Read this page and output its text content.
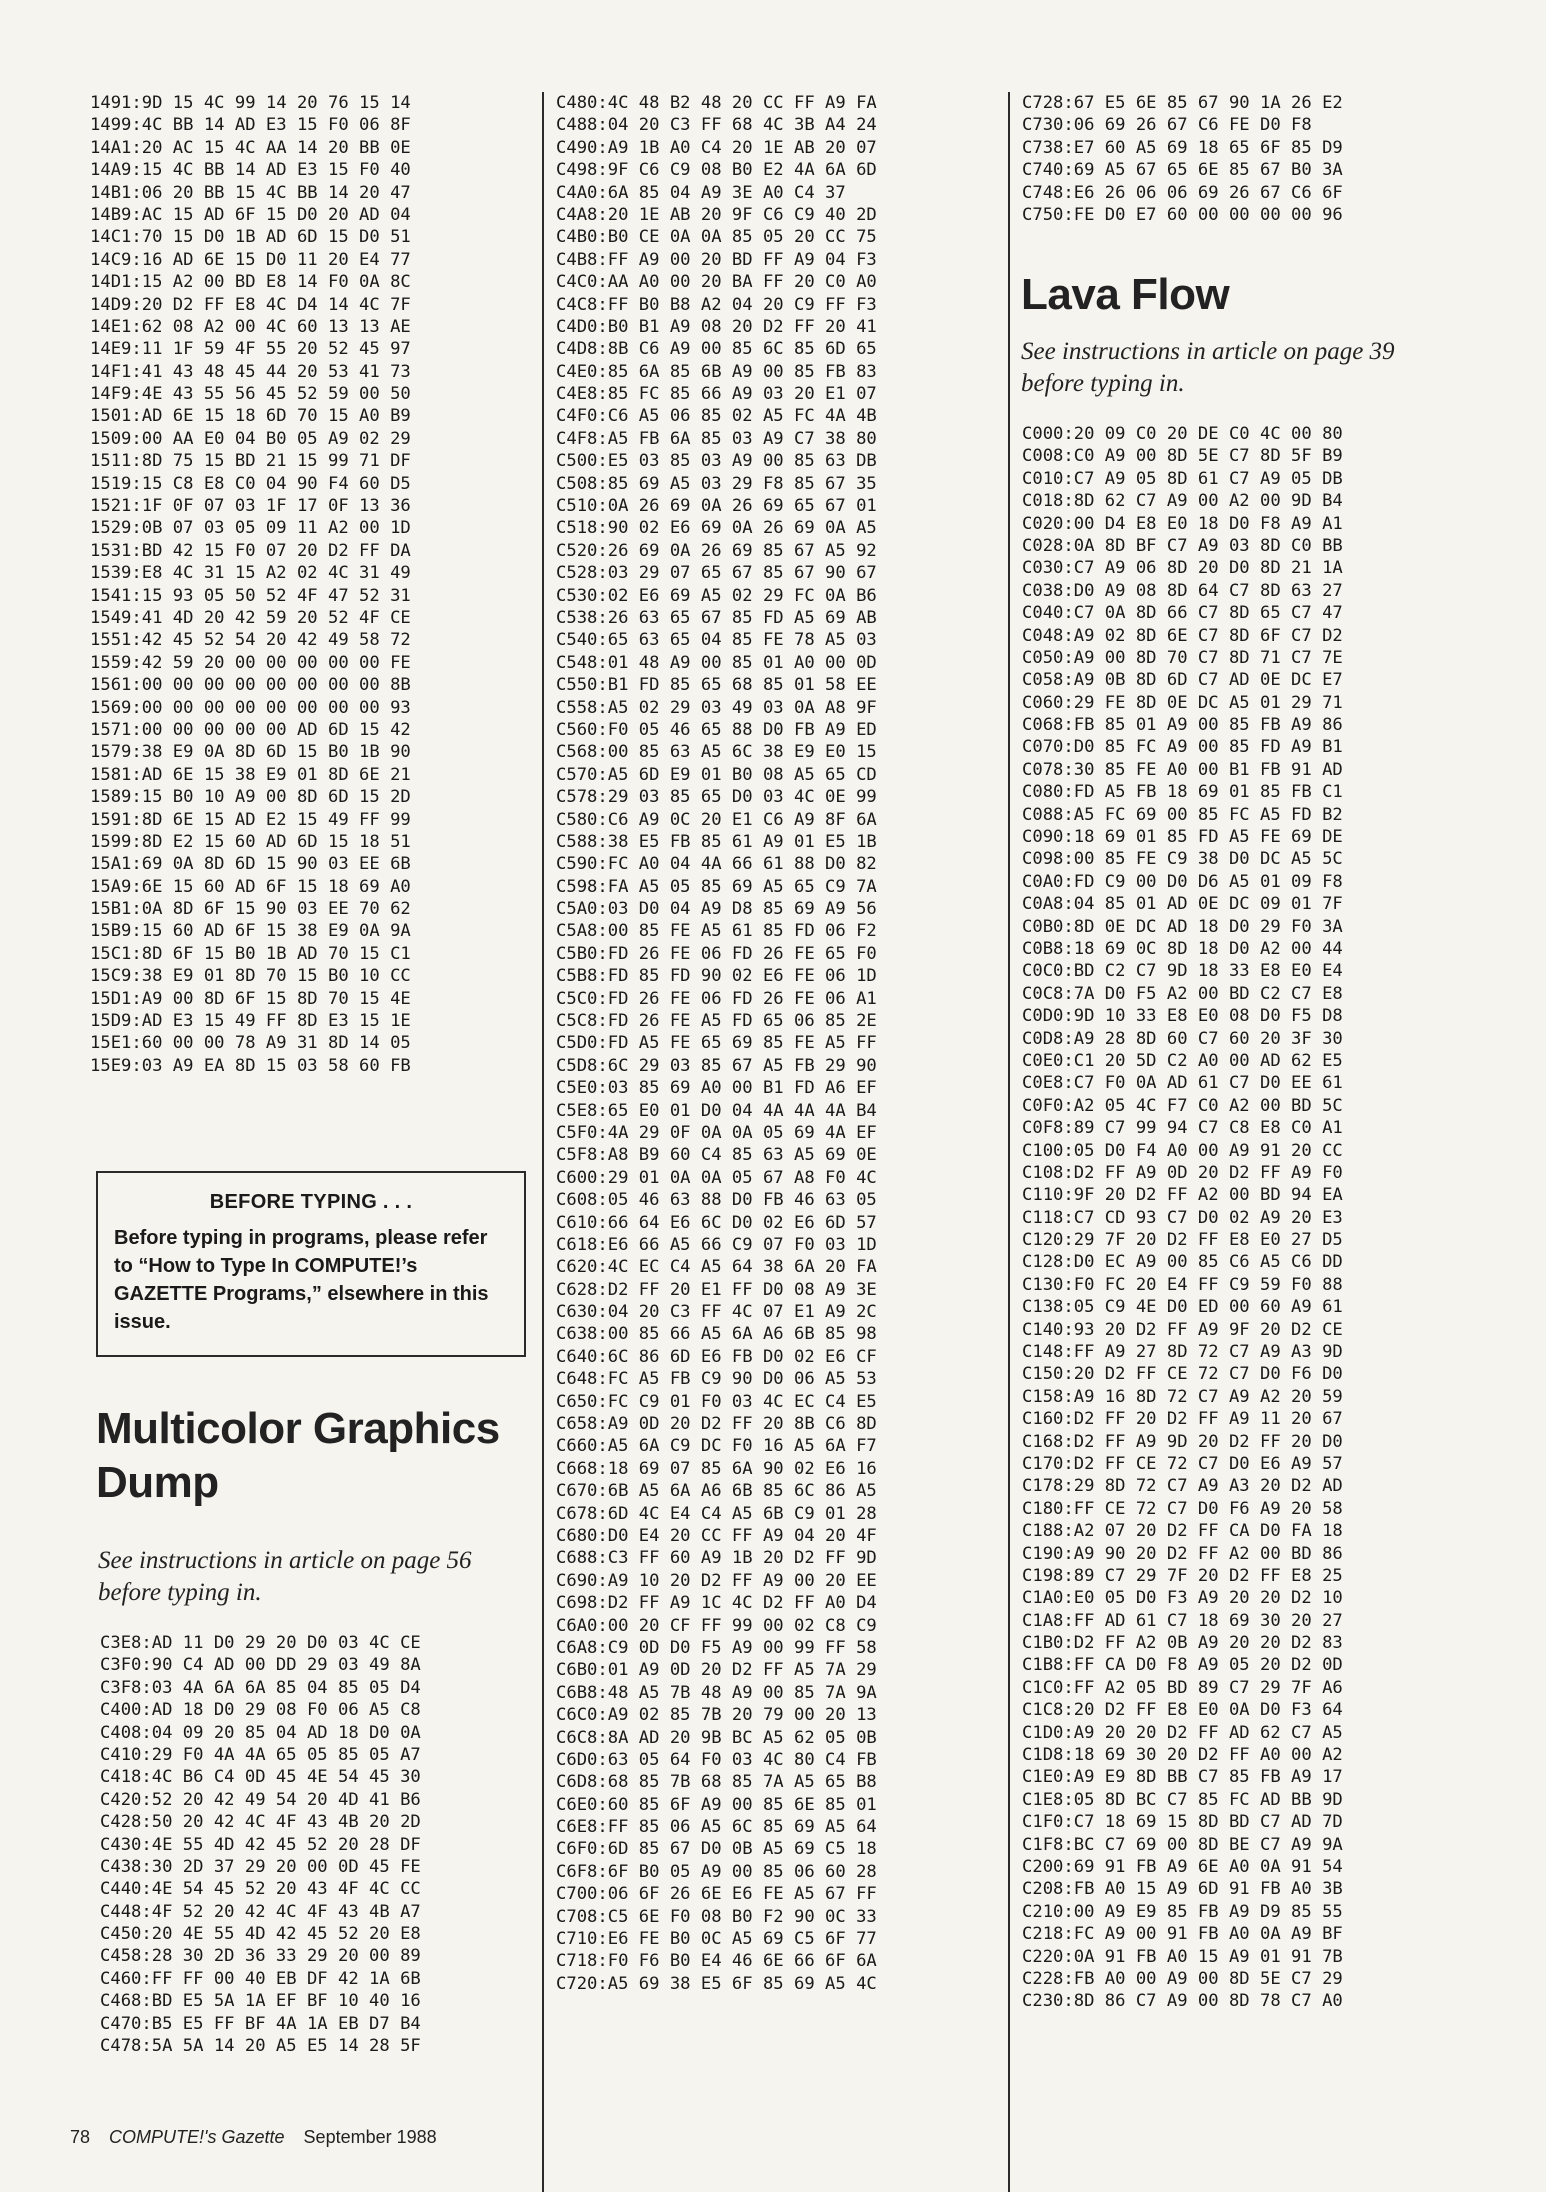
1491:9D 15 4C 99 14 20 76 15 14
1499:4C BB 14 AD E3 15 F0 06 8F
14A1:20 AC 15 4C AA 14 20 BB 0E
14A9:15 4C BB 14 AD E3 15 F0 40
14B1:06 20 BB 15 4C BB 14 20 47
14B9:AC 15 AD 6F 15 D0 20 AD 04
14C1:70 15 D0 1B AD 6D 15 D0 51
14C9:16 AD 6E 15 D0 11 20 E4 77
14D1:15 A2 00 BD E8 14 F0 0A 8C
14D9:20 D2 FF E8 4C D4 14 4C 7F
14E1:62 08 A2 00 4C 60 13 13 AE
14E9:11 1F 59 4F 55 20 52 45 97
14F1:41 43 48 45 44 20 53 41 73
14F9:4E 43 55 56 45 52 59 00 50
1501:AD 6E 15 18 6D 70 15 A0 B9
1509:00 AA E0 04 B0 05 A9 02 29
1511:8D 75 15 BD 21 15 99 71 DF
1519:15 C8 E8 C0 04 90 F4 60 D5
1521:1F 0F 07 03 1F 17 0F 13 36
1529:0B 07 03 05 09 11 A2 00 1D
1531:BD 42 15 F0 07 20 D2 FF DA
1539:E8 4C 31 15 A2 02 4C 31 49
1541:15 93 05 50 52 4F 47 52 31
1549:41 4D 20 42 59 20 52 4F CE
1551:42 45 52 54 20 42 49 58 72
1559:42 59 20 00 00 00 00 00 FE
1561:00 00 00 00 00 00 00 00 8B
1569:00 00 00 00 00 00 00 00 93
1571:00 00 00 00 00 AD 6D 15 42
1579:38 E9 0A 8D 6D 15 B0 1B 90
1581:AD 6E 15 38 E9 01 8D 6E 21
1589:15 B0 10 A9 00 8D 6D 15 2D
1591:8D 6E 15 AD E2 15 49 FF 99
1599:8D E2 15 60 AD 6D 15 18 51
15A1:69 0A 8D 6D 15 90 03 EE 6B
15A9:6E 15 60 AD 6F 15 18 69 A0
15B1:0A 8D 6F 15 90 03 EE 70 62
15B9:15 60 AD 6F 15 38 E9 0A 9A
15C1:8D 6F 15 B0 1B AD 70 15 C1
15C9:38 E9 01 8D 70 15 B0 10 CC
15D1:A9 00 8D 6F 15 8D 70 15 4E
15D9:AD E3 15 49 FF 8D E3 15 1E
15E1:60 00 00 78 A9 31 8D 14 05
15E9:03 A9 EA 8D 15 03 58 60 FB
BEFORE TYPING . . .
Before typing in programs, please refer to “How to Type In COMPUTE!’s GAZETTE Programs,” elsewhere in this issue.
Multicolor Graphics Dump
See instructions in article on page 56 before typing in.
C3E8:AD 11 D0 29 20 D0 03 4C CE
C3F0:90 C4 AD 00 DD 29 03 49 8A
C3F8:03 4A 6A 6A 85 04 85 05 D4
C400:AD 18 D0 29 08 F0 06 A5 C8
C408:04 09 20 85 04 AD 18 D0 0A
C410:29 F0 4A 4A 65 05 85 05 A7
C418:4C B6 C4 0D 45 4E 54 45 30
C420:52 20 42 49 54 20 4D 41 B6
C428:50 20 42 4C 4F 43 4B 20 2D
C430:4E 55 4D 42 45 52 20 28 DF
C438:30 2D 37 29 20 00 0D 45 FE
C440:4E 54 45 52 20 43 4F 4C CC
C448:4F 52 20 42 4C 4F 43 4B A7
C450:20 4E 55 4D 42 45 52 20 E8
C458:28 30 2D 36 33 29 20 00 89
C460:FF FF 00 40 EB DF 42 1A 6B
C468:BD E5 5A 1A EF BF 10 40 16
C470:B5 E5 FF BF 4A 1A EB D7 B4
C478:5A 5A 14 20 A5 E5 14 28 5F
C480:4C 48 B2 48 20 CC FF A9 FA
C488:04 20 C3 FF 68 4C 3B A4 24
C490:A9 1B A0 C4 20 1E AB 20 07
C498:9F C6 C9 08 B0 E2 4A 6A 6D
C4A0:6A 85 04 A9 3E A0 C4 37
C4A8:20 1E AB 20 9F C6 C9 40 2D
C4B0:B0 CE 0A 0A 85 05 20 CC 75
C4B8:FF A9 00 20 BD FF A9 04 F3
C4C0:AA A0 00 20 BA FF 20 C0 A0
C4C8:FF B0 B8 A2 04 20 C9 FF F3
C4D0:B0 B1 A9 08 20 D2 FF 20 41
C4D8:8B C6 A9 00 85 6C 85 6D 65
C4E0:85 6A 85 6B A9 00 85 FB 83
C4E8:85 FC 85 66 A9 03 20 E1 07
C4F0:C6 A5 06 85 02 A5 FC 4A 4B
C4F8:A5 FB 6A 85 03 A9 C7 38 80
C500:E5 03 85 03 A9 00 85 63 DB
C508:85 69 A5 03 29 F8 85 67 35
C510:0A 26 69 0A 26 69 65 67 01
C518:90 02 E6 69 0A 26 69 0A A5
C520:26 69 0A 26 69 85 67 A5 92
C528:03 29 07 65 67 85 67 90 67
C530:02 E6 69 A5 02 29 FC 0A B6
C538:26 63 65 67 85 FD A5 69 AB
C540:65 63 65 04 85 FE 78 A5 03
C548:01 48 A9 00 85 01 A0 00 0D
C550:B1 FD 85 65 68 85 01 58 EE
C558:A5 02 29 03 49 03 0A A8 9F
C560:F0 05 46 65 88 D0 FB A9 ED
C568:00 85 63 A5 6C 38 E9 E0 15
C570:A5 6D E9 01 B0 08 A5 65 CD
C578:29 03 85 65 D0 03 4C 0E 99
C580:C6 A9 0C 20 E1 C6 A9 8F 6A
C588:38 E5 FB 85 61 A9 01 E5 1B
C590:FC A0 04 4A 66 61 88 D0 82
C598:FA A5 05 85 69 A5 65 C9 7A
C5A0:03 D0 04 A9 D8 85 69 A9 56
C5A8:00 85 FE A5 61 85 FD 06 F2
C5B0:FD 26 FE 06 FD 26 FE 65 F0
C5B8:FD 85 FD 90 02 E6 FE 06 1D
C5C0:FD 26 FE 06 FD 26 FE 06 A1
C5C8:FD 26 FE A5 FD 65 06 85 2E
C5D0:FD A5 FE 65 69 85 FE A5 FF
C5D8:6C 29 03 85 67 A5 FB 29 90
C5E0:03 85 69 A0 00 B1 FD A6 EF
C5E8:65 E0 01 D0 04 4A 4A 4A B4
C5F0:4A 29 0F 0A 0A 05 69 4A EF
C5F8:A8 B9 60 C4 85 63 A5 69 0E
C600:29 01 0A 0A 05 67 A8 F0 4C
C608:05 46 63 88 D0 FB 46 63 05
C610:66 64 E6 6C D0 02 E6 6D 57
C618:E6 66 A5 66 C9 07 F0 03 1D
C620:4C EC C4 A5 64 38 6A 20 FA
C628:D2 FF 20 E1 FF D0 08 A9 3E
C630:04 20 C3 FF 4C 07 E1 A9 2C
C638:00 85 66 A5 6A A6 6B 85 98
C640:6C 86 6D E6 FB D0 02 E6 CF
C648:FC A5 FB C9 90 D0 06 A5 53
C650:FC C9 01 F0 03 4C EC C4 E5
C658:A9 0D 20 D2 FF 20 8B C6 8D
C660:A5 6A C9 DC F0 16 A5 6A F7
C668:18 69 07 85 6A 90 02 E6 16
C670:6B A5 6A A6 6B 85 6C 86 A5
C678:6D 4C E4 C4 A5 6B C9 01 28
C680:D0 E4 20 CC FF A9 04 20 4F
C688:C3 FF 60 A9 1B 20 D2 FF 9D
C690:A9 10 20 D2 FF A9 00 20 EE
C698:D2 FF A9 1C 4C D2 FF A0 D4
C6A0:00 20 CF FF 99 00 02 C8 C9
C6A8:C9 0D D0 F5 A9 00 99 FF 58
C6B0:01 A9 0D 20 D2 FF A5 7A 29
C6B8:48 A5 7B 48 A9 00 85 7A 9A
C6C0:A9 02 85 7B 20 79 00 20 13
C6C8:8A AD 20 9B BC A5 62 05 0B
C6D0:63 05 64 F0 03 4C 80 C4 FB
C6D8:68 85 7B 68 85 7A A5 65 B8
C6E0:60 85 6F A9 00 85 6E 85 01
C6E8:FF 85 06 A5 6C 85 69 A5 64
C6F0:6D 85 67 D0 0B A5 69 C5 18
C6F8:6F B0 05 A9 00 85 06 60 28
C700:06 6F 26 6E E6 FE A5 67 FF
C708:C5 6E F0 08 B0 F2 90 0C 33
C710:E6 FE B0 0C A5 69 C5 6F 77
C718:F0 F6 B0 E4 46 6E 66 6F 6A
C720:A5 69 38 E5 6F 85 69 A5 4C
C728:67 E5 6E 85 67 90 1A 26 E2
C730:06 69 26 67 C6 FE D0 F8
C738:E7 60 A5 69 18 65 6F 85 D9
C740:69 A5 67 65 6E 85 67 B0 3A
C748:E6 26 06 06 69 26 67 C6 6F
C750:FE D0 E7 60 00 00 00 00 96
Lava Flow
See instructions in article on page 39 before typing in.
C000:20 09 C0 20 DE C0 4C 00 80
C008:C0 A9 00 8D 5E C7 8D 5F B9
C010:C7 A9 05 8D 61 C7 A9 05 DB
C018:8D 62 C7 A9 00 A2 00 9D B4
C020:00 D4 E8 E0 18 D0 F8 A9 A1
C028:0A 8D BF C7 A9 03 8D C0 BB
C030:C7 A9 06 8D 20 D0 8D 21 1A
C038:D0 A9 08 8D 64 C7 8D 63 27
C040:C7 0A 8D 66 C7 8D 65 C7 47
C048:A9 02 8D 6E C7 8D 6F C7 D2
C050:A9 00 8D 70 C7 8D 71 C7 7E
C058:A9 0B 8D 6D C7 AD 0E DC E7
C060:29 FE 8D 0E DC A5 01 29 71
C068:FB 85 01 A9 00 85 FB A9 86
C070:D0 85 FC A9 00 85 FD A9 B1
C078:30 85 FE A0 00 B1 FB 91 AD
C080:FD A5 FB 18 69 01 85 FB C1
C088:A5 FC 69 00 85 FC A5 FD B2
C090:18 69 01 85 FD A5 FE 69 DE
C098:00 85 FE C9 38 D0 DC A5 5C
C0A0:FD C9 00 D0 D6 A5 01 09 F8
C0A8:04 85 01 AD 0E DC 09 01 7F
C0B0:8D 0E DC AD 18 D0 29 F0 3A
C0B8:18 69 0C 8D 18 D0 A2 00 44
C0C0:BD C2 C7 9D 18 33 E8 E0 E4
C0C8:7A D0 F5 A2 00 BD C2 C7 E8
C0D0:9D 10 33 E8 E0 08 D0 F5 D8
C0D8:A9 28 8D 60 C7 60 20 3F 30
C0E0:C1 20 5D C2 A0 00 AD 62 E5
C0E8:C7 F0 0A AD 61 C7 D0 EE 61
C0F0:A2 05 4C F7 C0 A2 00 BD 5C
C0F8:89 C7 99 94 C7 C8 E8 C0 A1
C100:05 D0 F4 A0 00 A9 91 20 CC
C108:D2 FF A9 0D 20 D2 FF A9 F0
C110:9F 20 D2 FF A2 00 BD 94 EA
C118:C7 CD 93 C7 D0 02 A9 20 E3
C120:29 7F 20 D2 FF E8 E0 27 D5
C128:D0 EC A9 00 85 C6 A5 C6 DD
C130:F0 FC 20 E4 FF C9 59 F0 88
C138:05 C9 4E D0 ED 00 60 A9 61
C140:93 20 D2 FF A9 9F 20 D2 CE
C148:FF A9 27 8D 72 C7 A9 A3 9D
C150:20 D2 FF CE 72 C7 D0 F6 D0
C158:A9 16 8D 72 C7 A9 A2 20 59
C160:D2 FF 20 D2 FF A9 11 20 67
C168:D2 FF A9 9D 20 D2 FF 20 D0
C170:D2 FF CE 72 C7 D0 E6 A9 57
C178:29 8D 72 C7 A9 A3 20 D2 AD
C180:FF CE 72 C7 D0 F6 A9 20 58
C188:A2 07 20 D2 FF CA D0 FA 18
C190:A9 90 20 D2 FF A2 00 BD 86
C198:89 C7 29 7F 20 D2 FF E8 25
C1A0:E0 05 D0 F3 A9 20 20 D2 10
C1A8:FF AD 61 C7 18 69 30 20 27
C1B0:D2 FF A2 0B A9 20 20 D2 83
C1B8:FF CA D0 F8 A9 05 20 D2 0D
C1C0:FF A2 05 BD 89 C7 29 7F A6
C1C8:20 D2 FF E8 E0 0A D0 F3 64
C1D0:A9 20 20 D2 FF AD 62 C7 A5
C1D8:18 69 30 20 D2 FF A0 00 A2
C1E0:A9 E9 8D BB C7 85 FB A9 17
C1E8:05 8D BC C7 85 FC AD BB 9D
C1F0:C7 18 69 15 8D BD C7 AD 7D
C1F8:BC C7 69 00 8D BE C7 A9 9A
C200:69 91 FB A9 6E A0 0A 91 54
C208:FB A0 15 A9 6D 91 FB A0 3B
C210:00 A9 E9 85 FB A9 D9 85 55
C218:FC A9 00 91 FB A0 0A A9 BF
C220:0A 91 FB A0 15 A9 01 91 7B
C228:FB A0 00 A9 00 8D 5E C7 29
C230:8D 86 C7 A9 00 8D 78 C7 A0
78 COMPUTE!'s Gazette September 1988
